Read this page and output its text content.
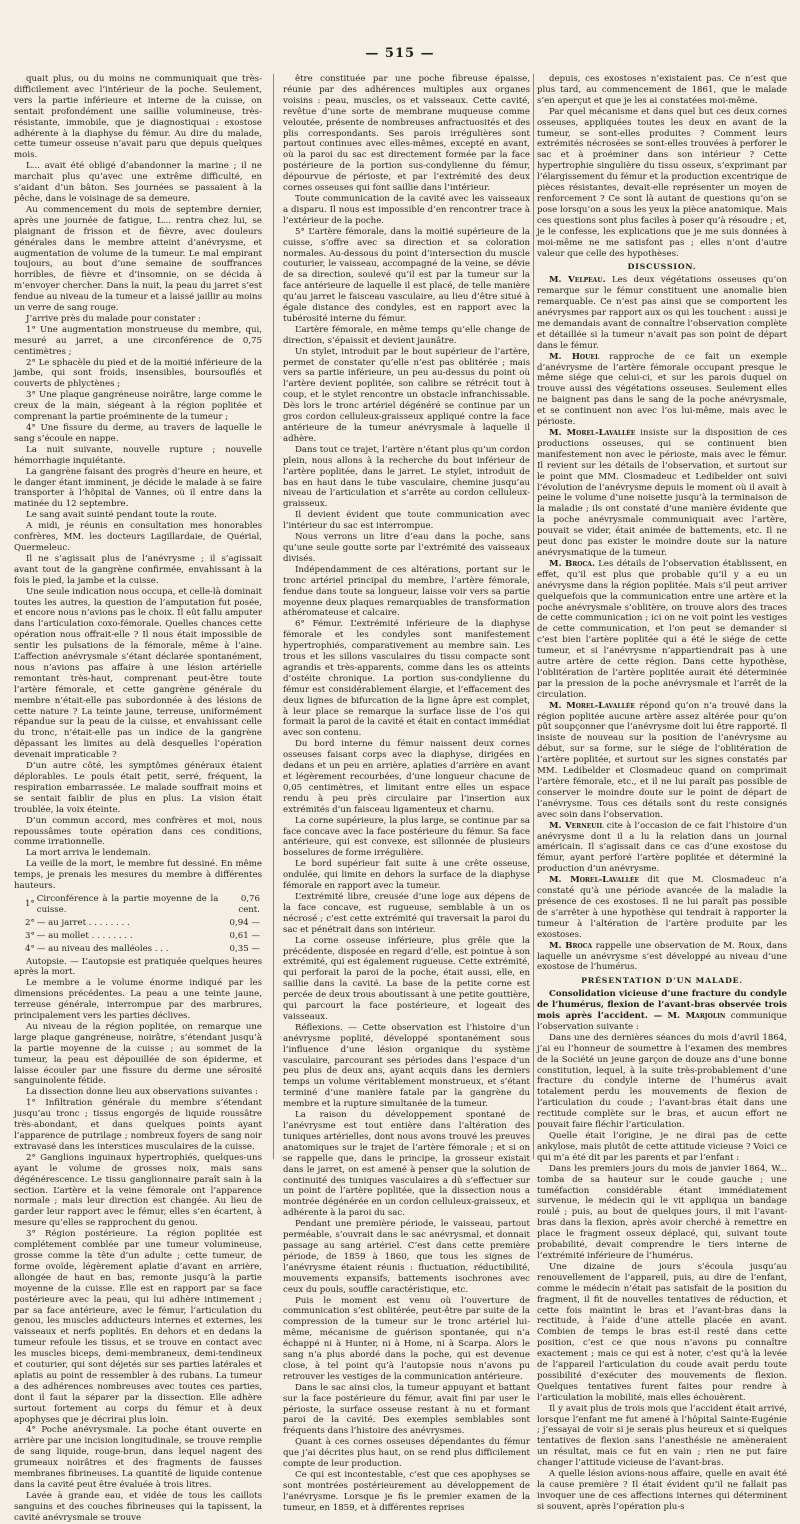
— 515 —

quait plus, ou du moins ne communiquait que très-difficilement avec l’intérieur de la poche. Seulement, vers la partie inférieure et interne de la cuisse, on sentait profondément une saillie volumineuse, très-résistante, immobile, que je diagnostiquai : exostose adhérente à la diaphyse du fémur. Au dire du malade, cette tumeur osseuse n’avait paru que depuis quelques mois.

L... avait été obligé d’abandonner la marine ; il ne marchait plus qu’avec une extrême difficulté, en s’aidant d’un bâton. Ses journées se passaient à la pêche, dans le voisinage de sa demeure.

Au commencement du mois de septembre dernier, après une journée de fatigue, L... rentra chez lui, se plaignant de frisson et de fièvre, avec douleurs générales dans le membre atteint d’anévrysme, et augmentation de volume de la tumeur. Le mal empirant toujours, au bout d’une semaine de souffrances horribles, de fièvre et d’insomnie, on se décida à m’envoyer chercher. Dans la nuit, la peau du jarret s’est fendue au niveau de la tumeur et a laissé jaillir au moins un verre de sang rouge.

J’arrive près du malade pour constater :

1° Une augmentation monstrueuse du membre, qui, mesuré au jarret, a une circonférence de 0,75 centimètres ;

2° Le sphacèle du pied et de la moitié inférieure de la jambe, qui sont froids, insensibles, boursouflés et couverts de phlyctènes ;

3° Une plaque gangréneuse noirâtre, large comme le creux de la main, siégeant à la région poplitée et comprenant la partie proéminente de la tumeur ;

4° Une fissure du derme, au travers de laquelle le sang s’écoule en nappe.

La nuit suivante, nouvelle rupture ; nouvelle hémorrhagie inquiétante.

La gangrène faisant des progrès d’heure en heure, et le danger étant imminent, je décide le malade à se faire transporter à l’hôpital de Vannes, où il entre dans la matinée du 12 septembre.

Le sang avait suinté pendant toute la route.

A midi, je réunis en consultation mes honorables confrères, MM. les docteurs Lagillardaie, de Quérial, Quermeleuc.

Il ne s’agissait plus de l’anévrysme ; il s’agissait avant tout de la gangrène confirmée, envahissant à la fois le pied, la jambe et la cuisse.

Une seule indication nous occupa, et celle-là dominait toutes les autres, la question de l’amputation fut posée, et encore nous n’avions pas le choix. Il eût fallu amputer dans l’articulation coxo-fémorale. Quelles chances cette opération nous offrait-elle ? Il nous était impossible de sentir les pulsations de la fémorale, même à l’aine. L’affection anévrysmale s’étant déclarée spontanément, nous n’avions pas affaire à une lésion artérielle remontant très-haut, comprenant peut-être toute l’artère fémorale, et cette gangrène générale du membre n’était-elle pas subordonnée à des lésions de cette nature ? La teinte jaune, terreuse, uniformément répandue sur la peau de la cuisse, et envahissant celle du tronc, n’était-elle pas un indice de la gangrène dépassant les limites au delà desquelles l’opération devenait impraticable ?

D’un autre côté, les symptômes généraux étaient déplorables. Le pouls était petit, serré, fréquent, la respiration embarrassée. Le malade souffrait moins et se sentait faiblir de plus en plus. La vision était troublée, la voix éteinte.

D’un commun accord, mes confrères et moi, nous repoussâmes toute opération dans ces conditions, comme irrationnelle.

La mort arriva le lendemain.

La veille de la mort, le membre fut dessiné. En même temps, je prenais les mesures du membre à différentes hauteurs.

1°	Circonférence à la partie moyenne de la cuisse.	0,76 cent.
2°	— au jarret . . . . . . . .	0,94 —
3°	— au mollet . . . . . . . .	0,61 —
4°	— au niveau des malléoles . . .	0,35 —

Autopsie. — L’autopsie est pratiquée quelques heures après la mort.

Le membre a le volume énorme indiqué par les dimensions précédentes. La peau a une teinte jaune, terreuse générale, interrompue par des marbrures, principalement vers les parties déclives.

Au niveau de la région poplitée, on remarque une large plaque gangréneuse, noirâtre, s’étendant jusqu’à la partie moyenne de la cuisse ; au sommet de la tumeur, la peau est dépouillée de son épiderme, et laisse écouler par une fissure du derme une sérosité sanguinolente fétide.

La dissection donne lieu aux observations suivantes :

1° Infiltration générale du membre s’étendant jusqu’au tronc ; tissus engorgés de liquide roussâtre très-abondant, et dans quelques points ayant l’apparence de putrilage ; nombreux foyers de sang noir extravasé dans les interstices musculaires de la cuisse.

2° Ganglions inguinaux hypertrophiés, quelques-uns ayant le volume de grosses noix, mais sans dégénérescence. Le tissu ganglionnaire paraît sain à la section. L’artère et la veine fémorale ont l’apparence normale ; mais leur direction est changée. Au lieu de garder leur rapport avec le fémur, elles s’en écartent, à mesure qu’elles se rapprochent du genou.

3° Région postérieure. La région poplitée est complétement comblée par une tumeur volumineuse, grosse comme la tête d’un adulte ; cette tumeur, de forme ovoïde, légèrement aplatie d’avant en arrière, allongée de haut en bas, remonte jusqu’à la partie moyenne de la cuisse. Elle est en rapport par sa face postérieure avec la peau, qui lui adhère intimement ; par sa face antérieure, avec le fémur, l’articulation du genou, les muscles adducteurs internes et externes, les vaisseaux et nerfs poplités. En dehors et en dedans la tumeur refoule les tissus, et se trouve en contact avec les muscles biceps, demi-membraneux, demi-tendineux et couturier, qui sont déjetés sur ses parties latérales et aplatis au point de ressembler à des rubans. La tumeur a des adhérences nombreuses avec toutes ces parties, dont il faut la séparer par la dissection. Elle adhère surtout fortement au corps du fémur et à deux apophyses que je décrirai plus loin.

4° Poche anévrysmale. La poche étant ouverte en arrière par une incision longitudinale, se trouve remplie de sang liquide, rouge-brun, dans lequel nagent des grumeaux noirâtres et des fragments de fausses membranes fibrineuses. La quantité de liquide contenue dans la cavité peut être évaluée à trois litres.

Lavée à grande eau, et vidée de tous les caillots sanguins et des couches fibrineuses qui la tapissent, la cavité anévrysmale se trouve

être constituée par une poche fibreuse épaisse, réunie par des adhérences multiples aux organes voisins : peau, muscles, os et vaisseaux. Cette cavité, revêtue d’une sorte de membrane muqueuse comme veloutée, présente de nombreuses anfractuosités et des plis correspondants. Ses parois irrégulières sont partout continues avec elles-mêmes, excepté en avant, où la paroi du sac est directement formée par la face postérieure de la portion sus-condylienne du fémur, dépourvue de périoste, et par l’extrémité des deux cornes osseuses qui font saillie dans l’intérieur.

Toute communication de la cavité avec les vaisseaux a disparu. Il nous est impossible d’en rencontrer trace à l’extérieur de la poche.

5° L’artère fémorale, dans la moitié supérieure de la cuisse, s’offre avec sa direction et sa coloration normales. Au-dessous du point d’intersection du muscle couturier, le vaisseau, accompagné de la veine, se dévie de sa direction, soulevé qu’il est par la tumeur sur la face antérieure de laquelle il est placé, de telle manière qu’au jarret le faisceau vasculaire, au lieu d’être situé à égale distance des condyles, est en rapport avec la tubérosité interne du fémur.

L’artère fémorale, en même temps qu’elle change de direction, s’épaissit et devient jaunâtre.

Un stylet, introduit par le bout supérieur de l’artère, permet de constater qu’elle n’est pas oblitérée ; mais vers sa partie inférieure, un peu au-dessus du point où l’artère devient poplitée, son calibre se rétrécit tout à coup, et le stylet rencontre un obstacle infranchissable. Dès lors le tronc artériel dégénéré se continue par un gros cordon celluleux-graisseux appliqué contre la face antérieure de la tumeur anévrysmale à laquelle il adhère.

Dans tout ce trajet, l’artère n’étant plus qu’un cordon plein, nous allons à la recherche du bout inférieur de l’artère poplitée, dans le jarret. Le stylet, introduit de bas en haut dans le tube vasculaire, chemine jusqu’au niveau de l’articulation et s’arrête au cordon celluleux-graisseux.

Il devient évident que toute communication avec l’intérieur du sac est interrompue.

Nous verrons un litre d’eau dans la poche, sans qu’une seule goutte sorte par l’extrémité des vaisseaux divisés.

Indépendamment de ces altérations, portant sur le tronc artériel principal du membre, l’artère fémorale, fendue dans toute sa longueur, laisse voir vers sa partie moyenne deux plaques remarquables de transformation athéromateuse et calcaire.

6° Fémur. L’extrémité inférieure de la diaphyse fémorale et les condyles sont manifestement hypertrophiés, comparativement au membre sain. Les trous et les sillons vasculaires du tissu compacte sont agrandis et très-apparents, comme dans les os atteints d’ostéite chronique. La portion sus-condylienne du fémur est considérablement élargie, et l’effacement des deux lignes de bifurcation de la ligne âpre est complet, à leur place se remarque la surface lisse de l’os qui formait la paroi de la cavité et était en contact immédiat avec son contenu.

Du bord interne du fémur naissent deux cornes osseuses faisant corps avec la diaphyse, dirigées en dedans et un peu en arrière, aplaties d’arrière en avant et légèrement recourbées, d’une longueur chacune de 0,05 centimètres, et limitant entre elles un espace rendu à peu près circulaire par l’insertion aux extrémités d’un faisceau ligamenteux et charnu.

La corne supérieure, la plus large, se continue par sa face concave avec la face postérieure du fémur. Sa face antérieure, qui est convexe, est sillonnée de plusieurs bosselures de forme irrégulière.

Le bord supérieur fait suite à une crête osseuse, ondulée, qui limite en dehors la surface de la diaphyse fémorale en rapport avec la tumeur.

L’extrémité libre, creusée d’une loge aux dépens de la face concave, est rugueuse, semblable à un os nécrosé ; c’est cette extrémité qui traversait la paroi du sac et pénétrait dans son intérieur.

La corne osseuse inférieure, plus grêle que la précédente, disposée en regard d’elle, est pointue à son extrémité, qui est également rugueuse. Cette extrémité, qui perforait la paroi de la poche, était aussi, elle, en saillie dans la cavité. La base de la petite corne est percée de deux trous aboutissant à une petite gouttière, qui parcourt la face postérieure, et logeait des vaisseaux.

Réflexions. — Cette observation est l’histoire d’un anévrysme poplité, développé spontanément sous l’influence d’une lésion organique du système vasculaire, parcourant ses périodes dans l’espace d’un peu plus de deux ans, ayant acquis dans les derniers temps un volume véritablement monstrueux, et s’étant terminé d’une manière fatale par la gangrène du membre et la rupture simultanée de la tumeur.

La raison du développement spontané de l’anévrysme est tout entière dans l’altération des tuniques artérielles, dont nous avons trouvé les preuves anatomiques sur le trajet de l’artère fémorale ; et si on se rappelle que, dans le principe, la grosseur existait dans le jarret, on est amené à penser que la solution de continuité des tuniques vasculaires a dû s’effectuer sur un point de l’artère poplitée, que la dissection nous a montrée dégénérée en un cordon celluleux-graisseux, et adhérente à la paroi du sac.

Pendant une première période, le vaisseau, partout perméable, s’ouvrait dans le sac anévrysmal, et donnait passage au sang artériel. C’est dans cette première période, de 1859 à 1860, que tous les signes de l’anévrysme étaient réunis : fluctuation, réductibilité, mouvements expansifs, battements isochrones avec ceux du pouls, souffle caractéristique, etc.

Puis le moment est venu où l’ouverture de communication s’est oblitérée, peut-être par suite de la compression de la tumeur sur le tronc artériel lui-même, mécanisme de guérison spontanée, qui n’a échappé ni à Hunter, ni à Home, ni à Scarpa. Alors le sang n’a plus abordé dans la poche, qui est devenue close, à tel point qu’à l’autopsie nous n’avons pu retrouver les vestiges de la communication antérieure.

Dans le sac ainsi clos, la tumeur appuyant et battant sur la face postérieure du fémur, avait fini par user le périoste, la surface osseuse restant à nu et formant paroi de la cavité. Des exemples semblables sont fréquents dans l’histoire des anévrysmes.

Quant à ces cornes osseuses dépendantes du fémur que j’ai décrites plus haut, on se rend plus difficilement compte de leur production.

Ce qui est incontestable, c’est que ces apophyses se sont montrées postérieurement au développement de l’anévrysme. Lorsque je fis le premier examen de la tumeur, en 1859, et à différentes reprises

depuis, ces exostoses n’existaient pas. Ce n’est que plus tard, au commencement de 1861, que le malade s’en aperçut et que je les ai constatées moi-même.

Par quel mécanisme et dans quel but ces deux cornes osseuses, appliquées toutes les deux en avant de la tumeur, se sont-elles produites ? Comment leurs extrémités nécrosées se sont-elles trouvées à perforer le sac et à proéminer dans son intérieur ? Cette hypertrophie singulière du tissu osseux, s’exprimant par l’élargissement du fémur et la production excentrique de pièces résistantes, devait-elle représenter un moyen de renforcement ? Ce sont là autant de questions qu’on se pose lorsqu’on a sous les yeux la pièce anatomique. Mais ces questions sont plus faciles à poser qu’à résoudre ; et, je le confesse, les explications que je me suis données à moi-même ne me satisfont pas ; elles n’ont d’autre valeur que celle des hypothèses.

DISCUSSION.

M. Velpeau. Les deux végétations osseuses qu’on remarque sur le fémur constituent une anomalie bien remarquable. Ce n’est pas ainsi que se comportent les anévrysmes par rapport aux os qui les touchent : aussi je me demandais avant de connaître l’observation complète et détaillée si la tumeur n’avait pas son point de départ dans le fémur.

M. Houel rapproche de ce fait un exemple d’anévrysme de l’artère fémorale occupant presque le même siége que celui-ci, et sur les parois duquel on trouve aussi des végétations osseuses. Seulement elles ne baignent pas dans le sang de la poche anévrysmale, et se continuent non avec l’os lui-même, mais avec le périoste.

M. Morel-Lavallée insiste sur la disposition de ces productions osseuses, qui se continuent bien manifestement non avec le périoste, mais avec le fémur. Il revient sur les détails de l’observation, et surtout sur le point que MM. Closmadeuc et Ledibelder ont suivi l’évolution de l’anévrysme depuis le moment où il avait à peine le volume d’une noisette jusqu’à la terminaison de la maladie ; ils ont constaté d’une manière évidente que la poche anévrysmale communiquait avec l’artère, pouvait se vider, était animée de battements, etc. Il ne peut donc pas exister le moindre doute sur la nature anévrysmatique de la tumeur.

M. Broca. Les détails de l’observation établissent, en effet, qu’il est plus que probable qu’il y a eu un anévrysme dans la région poplitée. Mais s’il peut arriver quelquefois que la communication entre une artère et la poche anévrysmale s’oblitère, on trouve alors des traces de cette communication ; ici on ne voit point les vestiges de cette communication, et l’on peut se demander si c’est bien l’artère poplitée qui a été le siége de cette tumeur, et si l’anévrysme n’appartiendrait pas à une autre artère de cette région. Dans cette hypothèse, l’oblitération de l’artère poplitée aurait été déterminée par la pression de la poche anévrysmale et l’arrêt de la circulation.

M. Morel-Lavallée répond qu’on n’a trouvé dans la région poplitée aucune artère assez altérée pour qu’on pût soupçonner que l’anévrysme doit lui être rapporté. Il insiste de nouveau sur la position de l’anévrysme au début, sur sa forme, sur le siége de l’oblitération de l’artère poplitée, et surtout sur les signes constatés par MM. Ledibelder et Closmadeuc quand on comprimait l’artère fémorale, etc., et il ne lui paraît pas possible de conserver le moindre doute sur le point de départ de l’anévrysme. Tous ces détails sont du reste consignés avec soin dans l’observation.

M. Verneuil cite à l’occasion de ce fait l’histoire d’un anévrysme dont il a lu la relation dans un journal américain. Il s’agissait dans ce cas d’une exostose du fémur, ayant perforé l’artère poplitée et déterminé la production d’un anévrysme.

M. Morel-Lavallée dit que M. Closmadeuc n’a constaté qu’à une période avancée de la maladie la présence de ces exostoses. Il ne lui paraît pas possible de s’arrêter à une hypothèse qui tendrait à rapporter la tumeur à l’altération de l’artère produite par les exostoses.

M. Broca rappelle une observation de M. Roux, dans laquelle un anévrysme s’est développé au niveau d’une exostose de l’humérus.

PRÉSENTATION D’UN MALADE.

Consolidation vicieuse d’une fracture du condyle de l’humérus, flexion de l’avant-bras observée trois mois après l’accident. — M. Marjolin communique l’observation suivante :

Dans une des dernières séances du mois d’avril 1864, j’ai eu l’honneur de soumettre à l’examen des membres de la Société un jeune garçon de douze ans d’une bonne constitution, lequel, à la suite très-probablement d’une fracture du condyle interne de l’humérus avait totalement perdu les mouvements de flexion de l’articulation du coude ; l’avant-bras était dans une rectitude complète sur le bras, et aucun effort ne pouvait faire fléchir l’articulation.

Quelle était l’origine, je ne dirai pas de cette ankylose, mais plutôt de cette attitude vicieuse ? Voici ce qui m’a été dit par les parents et par l’enfant :

Dans les premiers jours du mois de janvier 1864, W... tomba de sa hauteur sur le coude gauche ; une tuméfaction considérable étant immédiatement survenue, le médecin qui le vit appliqua un bandage roulé ; puis, au bout de quelques jours, il mit l’avant-bras dans la flexion, après avoir cherché à remettre en place le fragment osseux déplacé, qui, suivant toute probabilité, devait comprendre le tiers interne de l’extrémité inférieure de l’humérus.

Une dizaine de jours s’écoula jusqu’au renouvellement de l’appareil, puis, au dire de l’enfant, comme le médecin n’était pas satisfait de la position du fragment, il fit de nouvelles tentatives de réduction, et cette fois maintint le bras et l’avant-bras dans la rectitude, à l’aide d’une attelle placée en avant. Combien de temps le bras est-il resté dans cette position, c’est ce que nous n’avons pu connaître exactement ; mais ce qui est à noter, c’est qu’à la levée de l’appareil l’articulation du coude avait perdu toute possibilité d’exécuter des mouvements de flexion. Quelques tentatives furent faites pour rendre à l’articulation la mobilité, mais elles échouèrent.

Il y avait plus de trois mois que l’accident était arrivé, lorsque l’enfant me fut amené à l’hôpital Sainte-Eugénie ; j’essayai de voir si je serais plus heureux et si quelques tentatives de flexion sans l’anesthésie ne amèneraient un résultat, mais ce fut en vain ; rien ne put faire changer l’attitude vicieuse de l’avant-bras.

A quelle lésion avions-nous affaire, quelle en avait été la cause première ? Il était évident qu’il ne fallait pas invoquer une de ces affections internes qui déterminent si souvent, après l’opération plu-s
